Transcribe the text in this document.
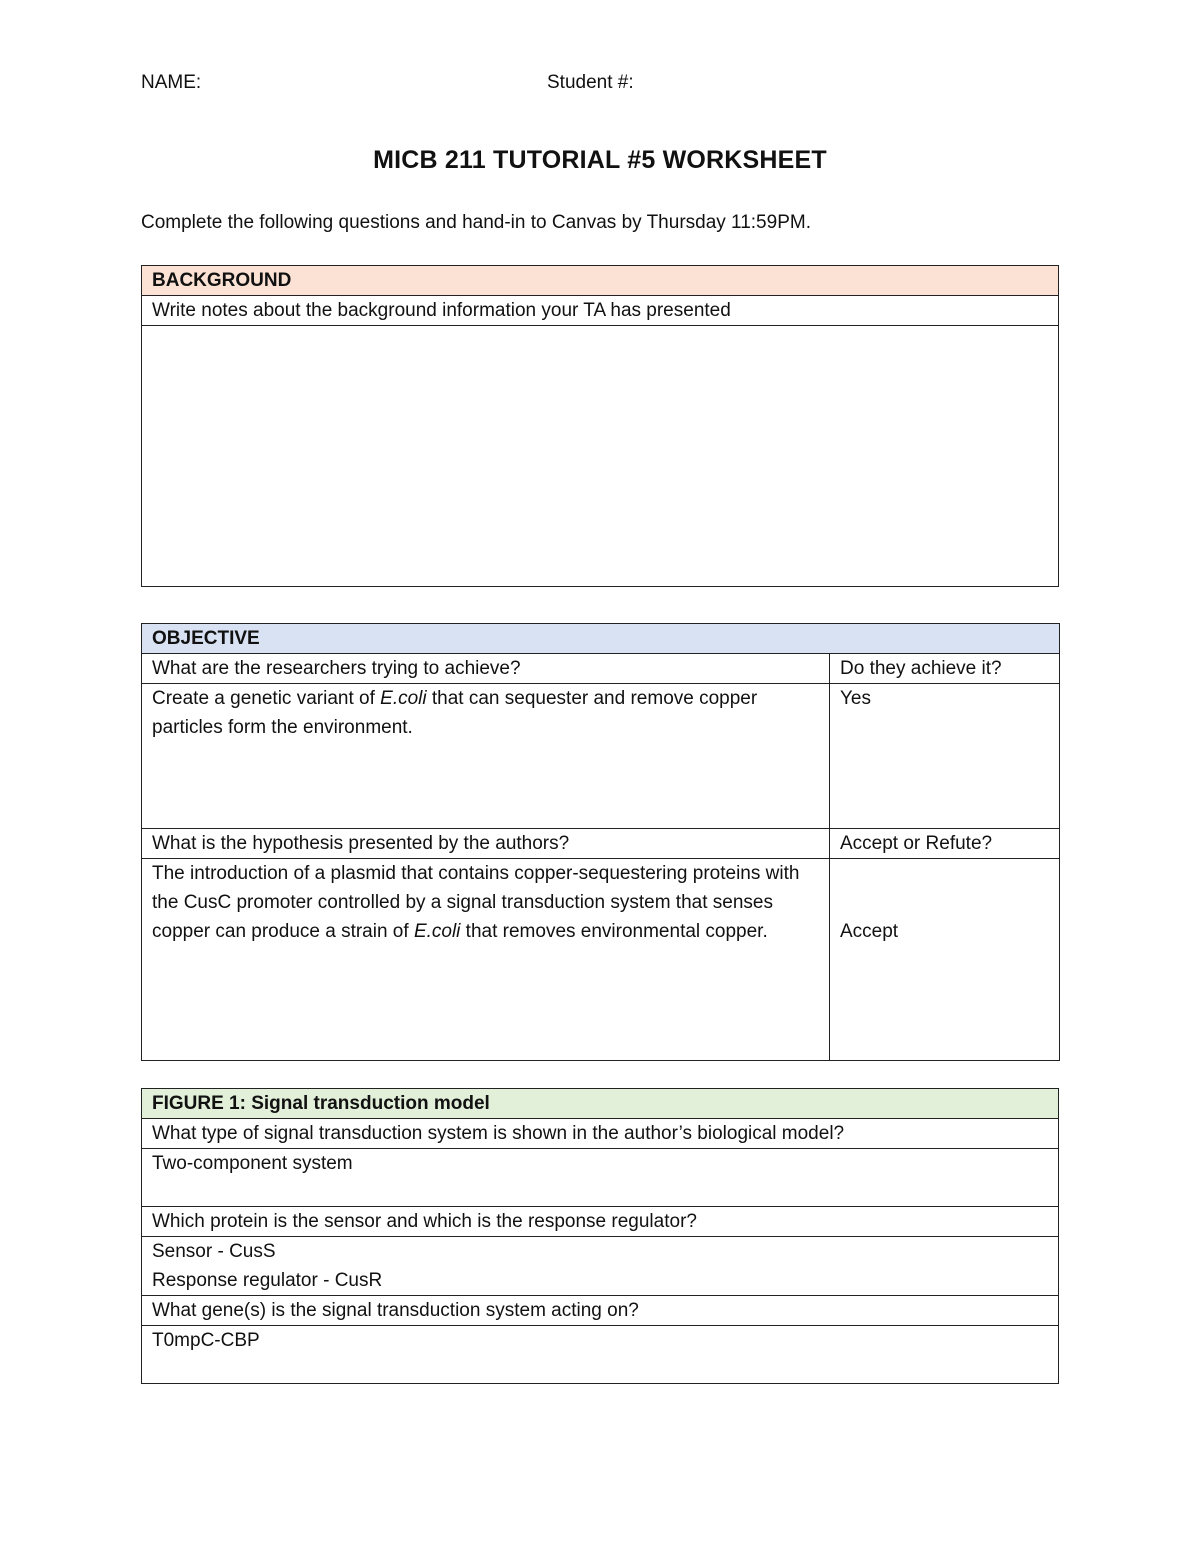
NAME:	Student #:
MICB 211 TUTORIAL #5 WORKSHEET
Complete the following questions and hand-in to Canvas by Thursday 11:59PM.
BACKGROUND
Write notes about the background information your TA has presented

OBJECTIVE	
What are the researchers trying to achieve?	Do they achieve it?
Create a genetic variant of E.coli that can sequester and remove copper particles form the environment.	Yes
What is the hypothesis presented by the authors?	Accept or Refute?
The introduction of a plasmid that contains copper-sequestering proteins with the CusC promoter controlled by a signal transduction system that senses copper can produce a strain of E.coli that removes environmental copper.	Accept
FIGURE 1: Signal transduction model
What type of signal transduction system is shown in the author’s biological model?
Two-component system
Which protein is the sensor and which is the response regulator?

Sensor - CusS
Response regulator - CusR

What gene(s) is the signal transduction system acting on?
T0mpC-CBP
